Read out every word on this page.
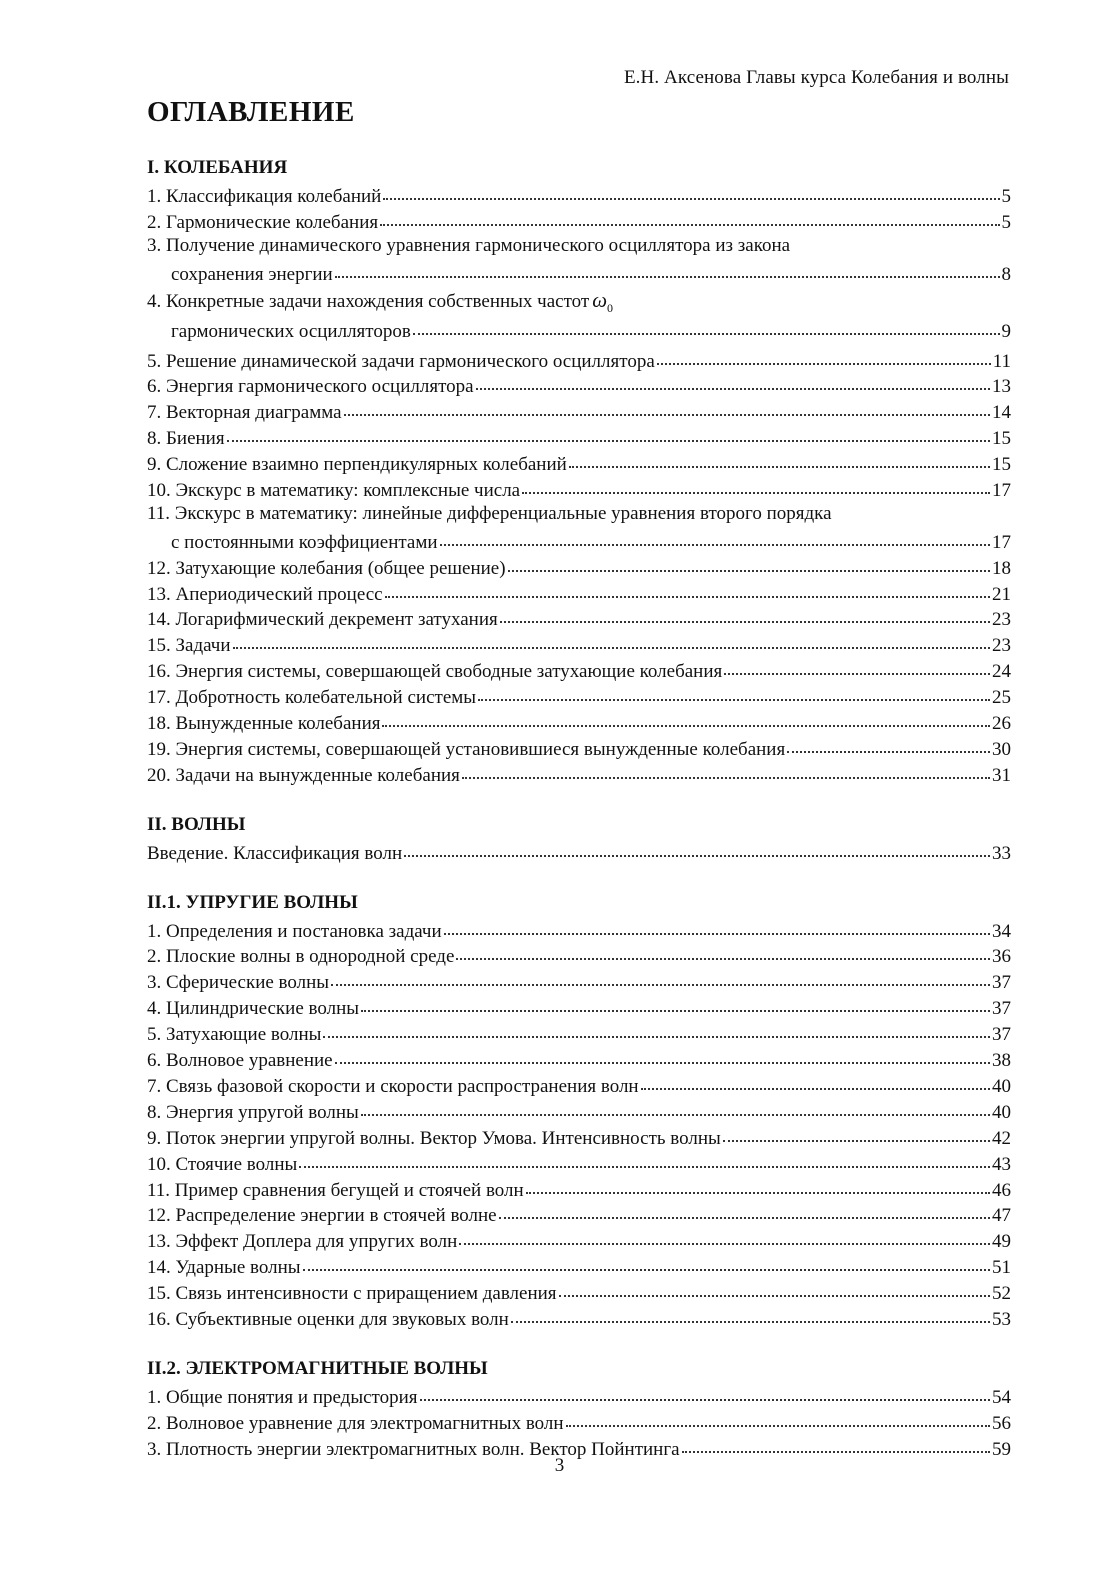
Е.Н. Аксенова Главы курса Колебания и волны
ОГЛАВЛЕНИЕ
I. КОЛЕБАНИЯ
1. Классификация колебаний	5
2. Гармонические колебания	5
3. Получение динамического уравнения гармонического осциллятора из закона
сохранения энергии	8
4. Конкретные задачи нахождения собственных частот $\omega_0$
гармонических осцилляторов	9
5. Решение динамической задачи гармонического осциллятора	11
6. Энергия гармонического осциллятора	13
7. Векторная диаграмма	14
8. Биения	15
9. Сложение взаимно перпендикулярных колебаний	15
10. Экскурс в математику: комплексные числа	17
11. Экскурс в математику: линейные дифференциальные уравнения второго порядка
с постоянными коэффициентами	17
12. Затухающие колебания (общее решение)	18
13. Апериодический процесс	21
14. Логарифмический декремент затухания	23
15. Задачи	23
16. Энергия системы, совершающей свободные затухающие колебания	24
17. Добротность колебательной системы	25
18. Вынужденные колебания	26
19. Энергия системы, совершающей установившиеся вынужденные колебания	30
20. Задачи на вынужденные колебания	31
II. ВОЛНЫ
Введение. Классификация волн	33
II.1. УПРУГИЕ ВОЛНЫ
1. Определения и постановка задачи	34
2. Плоские волны в однородной среде	36
3. Сферические волны	37
4. Цилиндрические волны	37
5. Затухающие волны	37
6. Волновое уравнение	38
7. Связь фазовой скорости и скорости распространения волн	40
8. Энергия упругой волны	40
9. Поток энергии упругой волны. Вектор Умова. Интенсивность волны	42
10. Стоячие волны	43
11. Пример сравнения бегущей и стоячей волн	46
12. Распределение энергии в стоячей волне	47
13. Эффект Доплера для упругих волн	49
14. Ударные волны	51
15. Связь интенсивности с приращением давления	52
16. Субъективные оценки для звуковых волн	53
II.2. ЭЛЕКТРОМАГНИТНЫЕ ВОЛНЫ
1. Общие понятия и предыстория	54
2. Волновое уравнение для электромагнитных волн	56
3. Плотность энергии электромагнитных волн. Вектор Пойнтинга	59
3
